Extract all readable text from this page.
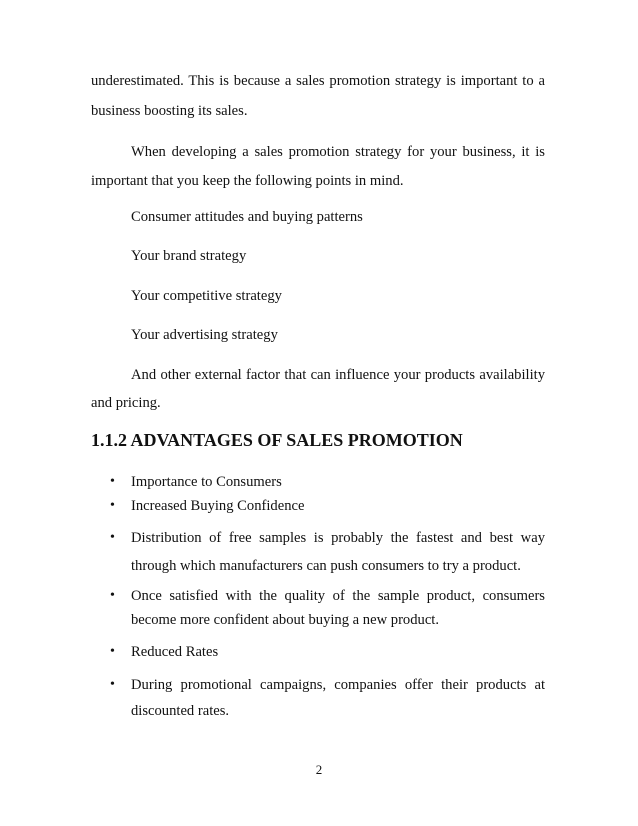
underestimated. This is because a sales promotion strategy is important to a
business boosting its sales.
When developing a sales promotion strategy for your business, it is
important that you keep the following points in mind.
Consumer attitudes and buying patterns
Your brand strategy
Your competitive strategy
Your advertising strategy
And other external factor that can influence your products availability
and pricing.
1.1.2 ADVANTAGES OF SALES PROMOTION
• Importance to Consumers
• Increased Buying Confidence
• Distribution of free samples is probably the fastest and best way
through which manufacturers can push consumers to try a product.
• Once satisfied with the quality of the sample product, consumers
become more confident about buying a new product.
• Reduced Rates
• During promotional campaigns, companies offer their products at
discounted rates.
2
